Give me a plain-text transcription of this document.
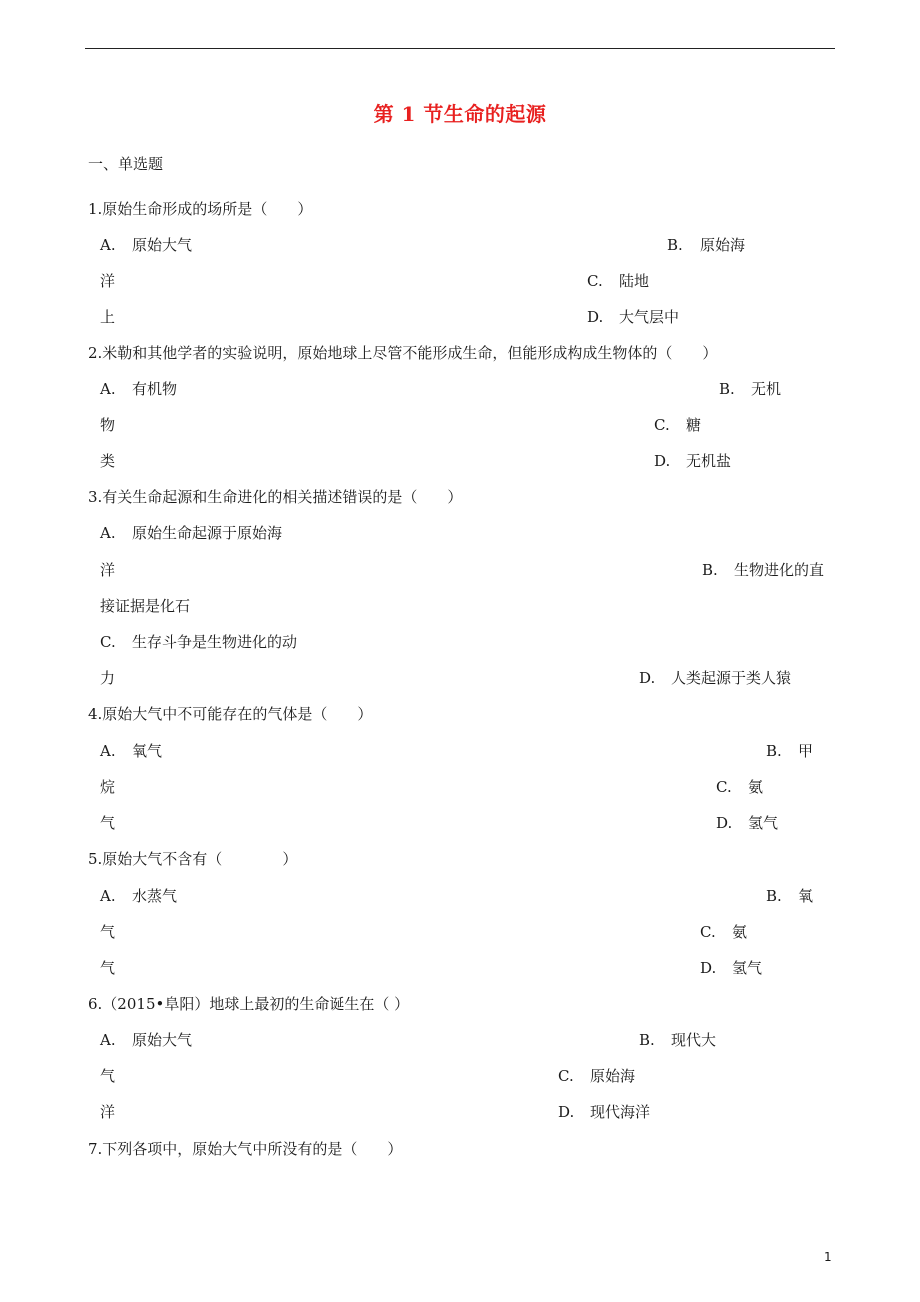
第 1 节生命的起源
一、单选题
1.原始生命形成的场所是（　　）
A. 原始大气	B. 原始海
洋	C. 陆地
上	D. 大气层中
2.米勒和其他学者的实验说明，原始地球上尽管不能形成生命，但能形成构成生物体的（　　）
A. 有机物	B. 无机
物	C. 糖
类	D. 无机盐
3.有关生命起源和生命进化的相关描述错误的是（　　）
A. 原始生命起源于原始海
洋	B. 生物进化的直
接证据是化石
C. 生存斗争是生物进化的动
力	D. 人类起源于类人猿
4.原始大气中不可能存在的气体是（　　）
A. 氧气	B. 甲
烷	C. 氨
气	D. 氢气
5.原始大气不含有（　　　　）
A. 水蒸气	B. 氧
气	C. 氨
气	D. 氢气
6.（2015•阜阳）地球上最初的生命诞生在（ ）
A. 原始大气	B. 现代大
气	C. 原始海
洋	D. 现代海洋
7.下列各项中，原始大气中所没有的是（　　）
1
